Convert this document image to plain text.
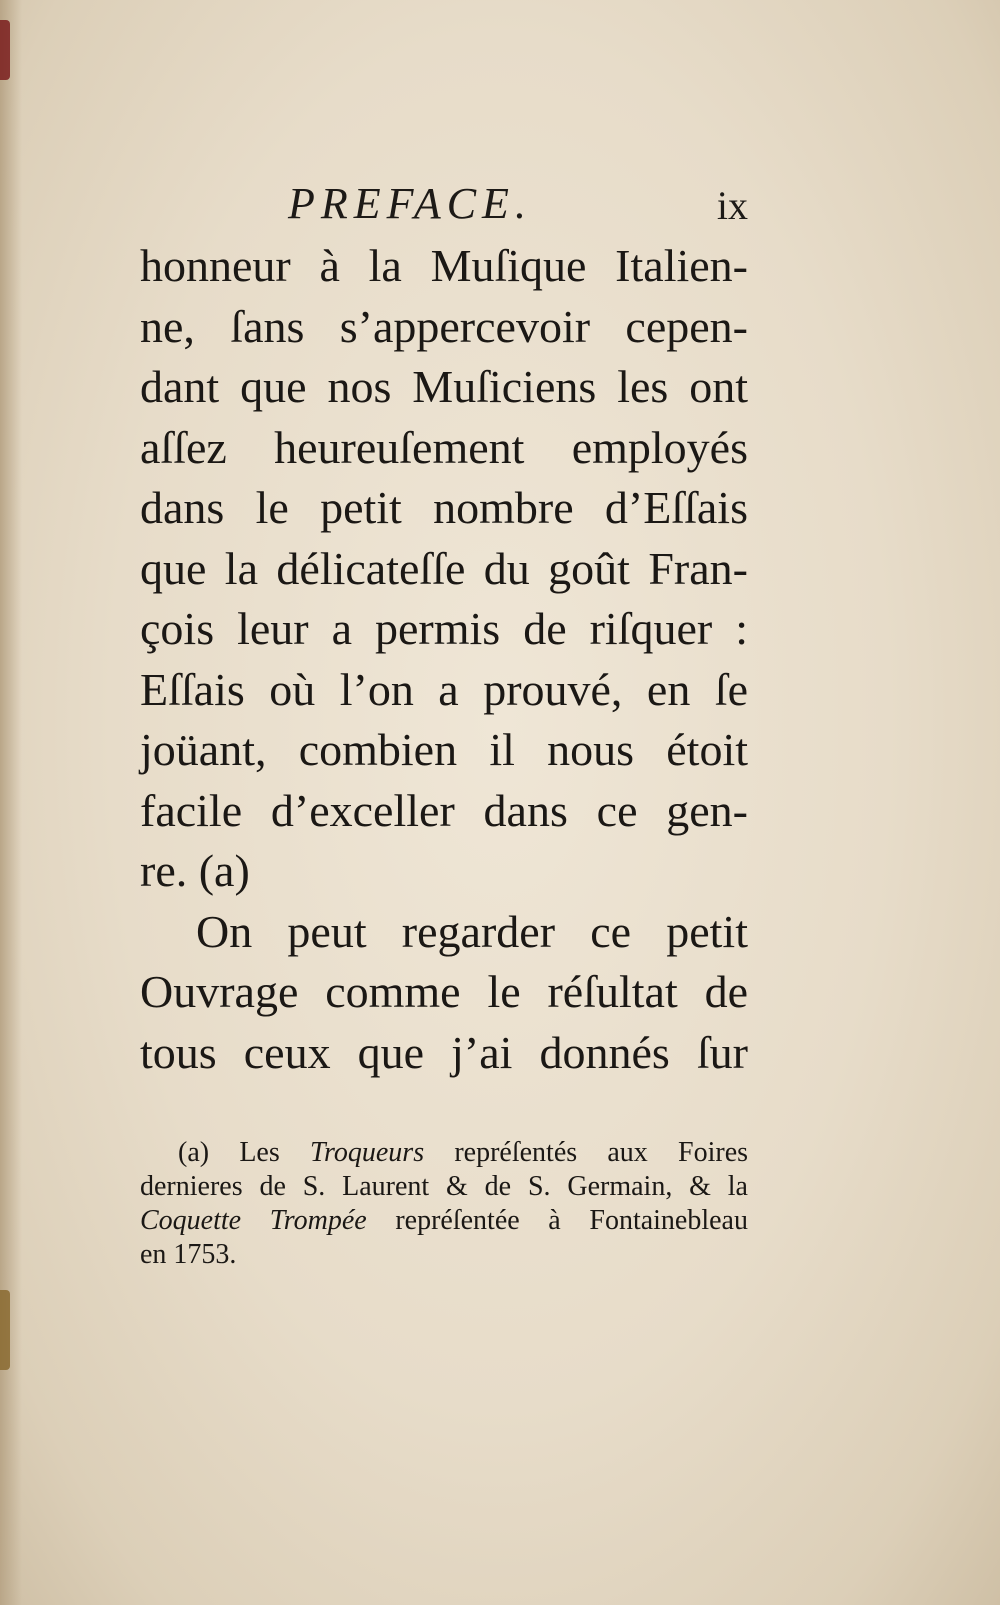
PREFACE.	ix
honneur à la Muſique Italien-
ne, ſans s’appercevoir cepen-
dant que nos Muſiciens les ont
aſſez heureuſement employés
dans le petit nombre d’Eſſais
que la délicateſſe du goût Fran-
çois leur a permis de riſquer :
Eſſais où l’on a prouvé, en ſe
joüant, combien il nous étoit
facile d’exceller dans ce gen-
re. (a)
On peut regarder ce petit
Ouvrage comme le réſultat de
tous ceux que j’ai donnés ſur
(a) Les Troqueurs repréſentés aux Foires
dernieres de S. Laurent & de S. Germain, & la
Coquette Trompée repréſentée à Fontainebleau
en 1753.
